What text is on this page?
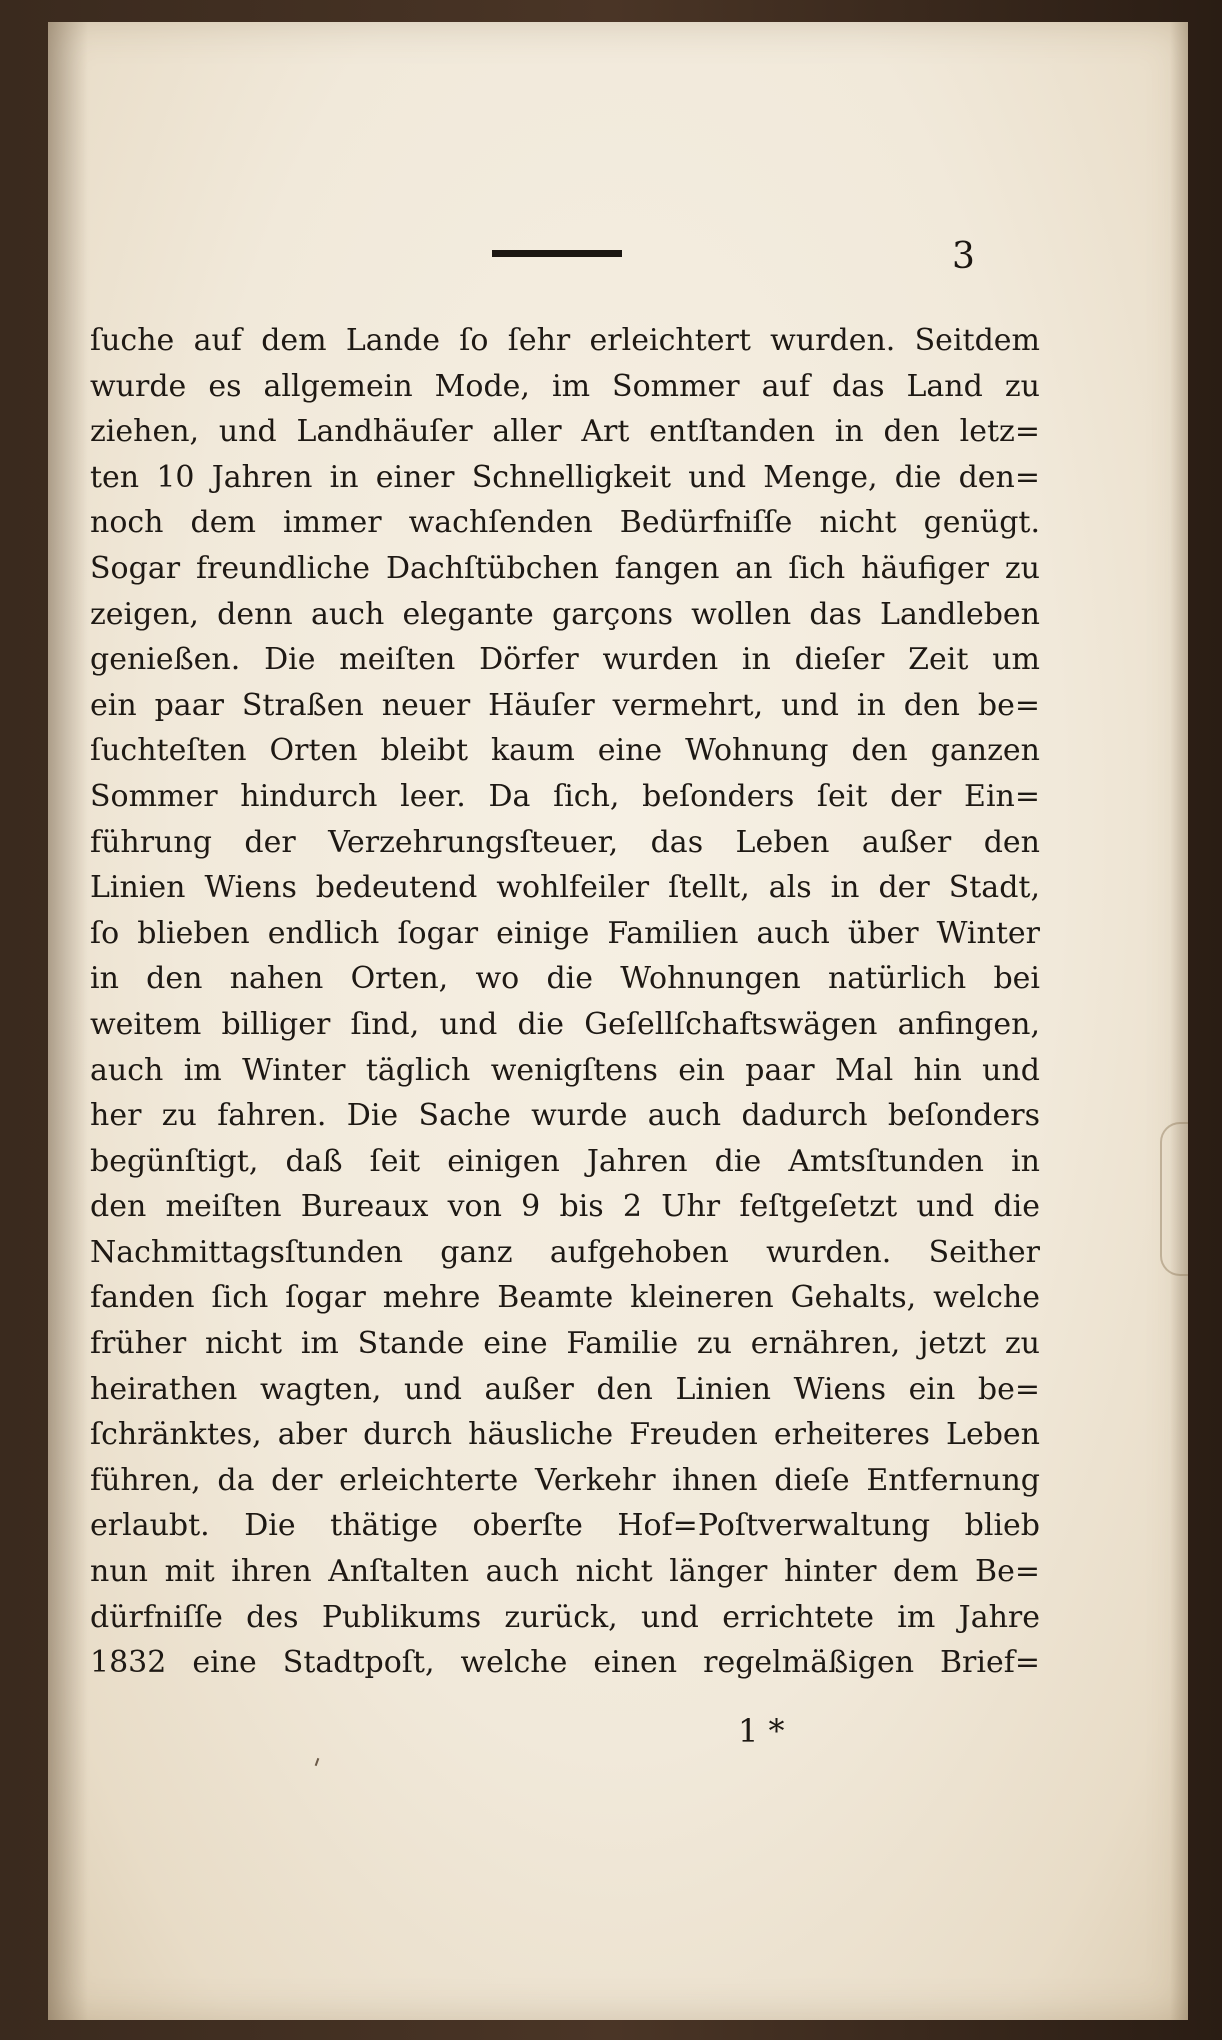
3
ſuche auf dem Lande ſo ſehr erleichtert wurden. Seitdem
wurde es allgemein Mode, im Sommer auf das Land zu
ziehen, und Landhäuſer aller Art entſtanden in den letz=
ten 10 Jahren in einer Schnelligkeit und Menge, die den=
noch dem immer wachſenden Bedürfniſſe nicht genügt.
Sogar freundliche Dachſtübchen fangen an ſich häufiger zu
zeigen, denn auch elegante garçons wollen das Landleben
genießen. Die meiſten Dörfer wurden in dieſer Zeit um
ein paar Straßen neuer Häuſer vermehrt, und in den be=
ſuchteſten Orten bleibt kaum eine Wohnung den ganzen
Sommer hindurch leer. Da ſich, beſonders ſeit der Ein=
führung der Verzehrungsſteuer, das Leben außer den
Linien Wiens bedeutend wohlfeiler ſtellt, als in der Stadt,
ſo blieben endlich ſogar einige Familien auch über Winter
in den nahen Orten, wo die Wohnungen natürlich bei
weitem billiger ſind, und die Geſellſchaftswägen anfingen,
auch im Winter täglich wenigſtens ein paar Mal hin und
her zu fahren. Die Sache wurde auch dadurch beſonders
begünſtigt, daß ſeit einigen Jahren die Amtsſtunden in
den meiſten Bureaux von 9 bis 2 Uhr feſtgeſetzt und die
Nachmittagsſtunden ganz aufgehoben wurden. Seither
fanden ſich ſogar mehre Beamte kleineren Gehalts, welche
früher nicht im Stande eine Familie zu ernähren, jetzt zu
heirathen wagten, und außer den Linien Wiens ein be=
ſchränktes, aber durch häusliche Freuden erheiteres Leben
führen, da der erleichterte Verkehr ihnen dieſe Entfernung
erlaubt. Die thätige oberſte Hof=Poſtverwaltung blieb
nun mit ihren Anſtalten auch nicht länger hinter dem Be=
dürfniſſe des Publikums zurück, und errichtete im Jahre
1832 eine Stadtpoſt, welche einen regelmäßigen Brief=
1 *
